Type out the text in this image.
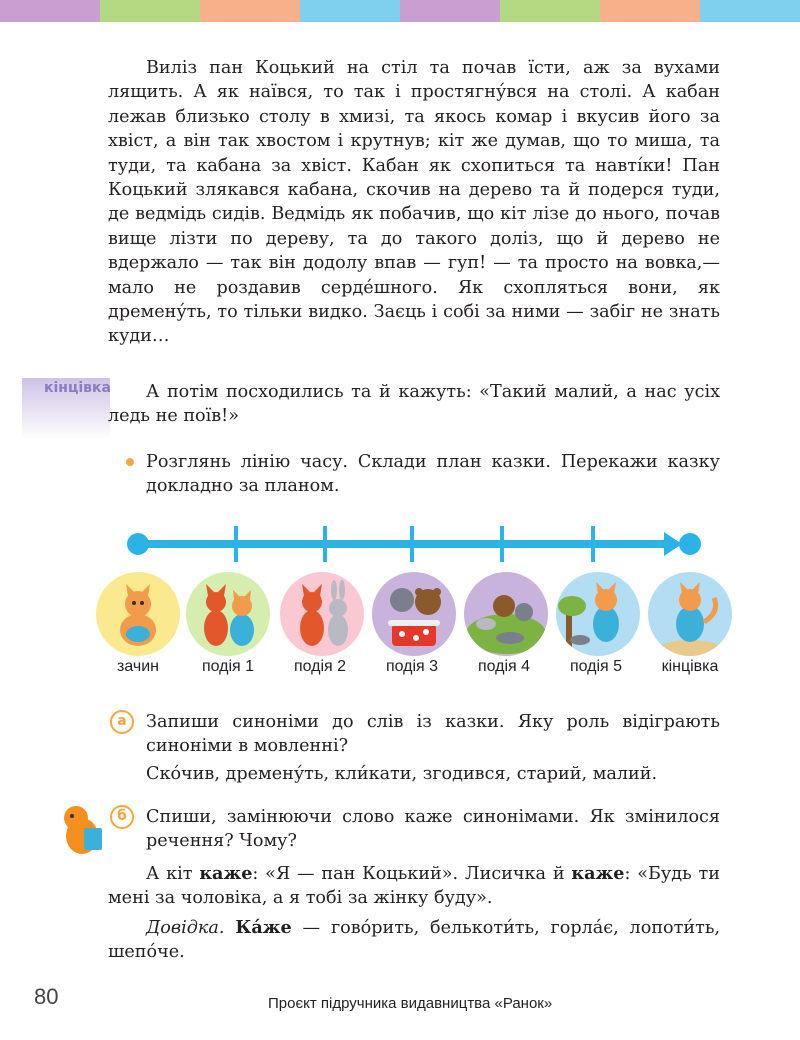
Виліз пан Коцький на стіл та почав їсти, аж за вухами лящить. А як наївся, то так і простягну́вся на столі. А кабан лежав близько столу в хмизі, та якось комар і вкусив його за хвіст, а він так хвостом і крутнув; кіт же думав, що то миша, та туди, та кабана за хвіст. Кабан як схопиться та навті́ки! Пан Коцький злякався кабана, скочив на дерево та й подерся туди, де ведмідь сидів. Ведмідь як побачив, що кіт лізе до нього, почав вище лізти по дереву, та до такого доліз, що й дерево не вдержало — так він додолу впав — гуп! — та просто на вовка,— мало не роздавив серде́шного. Як схопляться вони, як дремену́ть, то тільки видко. Заєць і собі за ними — забіг не знать куди…

кінцівка	А потім посходились та й кажуть: «Такий малий, а нас усіх ледь не поїв!»

Розглянь лінію часу. Склади план казки. Перекажи казку докладно за планом.

зачин	подія 1	подія 2	подія 3	подія 4	подія 5	кінцівка
а	Запиши синоніми до слів із казки. Яку роль відіграють синоніми в мовленні?

Ско́чив, дремену́ть, кли́кати, згодився, старий, малий.

б	Спиши, замінюючи слово каже синонімами. Як змінилося речення? Чому?

А кіт каже: «Я — пан Коцький». Лисичка й каже: «Будь ти мені за чоловіка, а я тобі за жінку буду».

Довідка. Ка́же — гово́рить, белькоти́ть, горла́є, лопоти́ть, шепо́че.

80	Проєкт підручника видавництва «Ранок»
